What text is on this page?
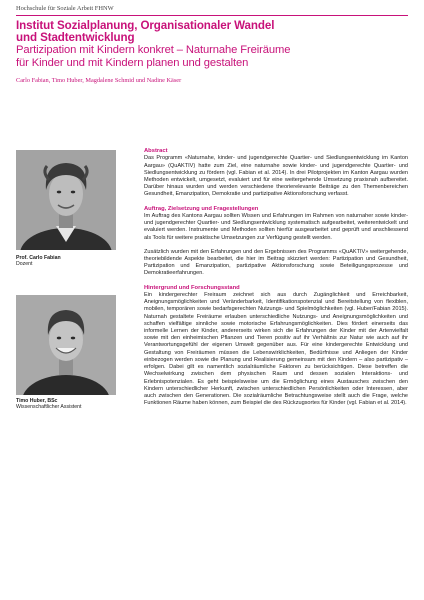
Hochschule für Soziale Arbeit FHNW
Institut Sozialplanung, Organisationaler Wandel
und Stadtentwicklung
Partizipation mit Kindern konkret – Naturnahe Freiräume
für Kinder und mit Kindern planen und gestalten
Carlo Fabian, Timo Huber, Magdalene Schmid und Nadine Käser
Prof. Carlo Fabian
Dozent
Timo Huber, BSc
Wissenschaftlicher Assistent
Abstract

Das Programm «Naturnahe, kinder- und jugendgerechte Quartier- und Siedlungsentwicklung im Kanton Aargau» (QuAKTIV) hatte zum Ziel, eine naturnahe sowie kinder- und jugendgerechte Quartier- und Siedlungsentwicklung zu fördern (vgl. Fabian et al. 2014). In drei Pilotprojekten im Kanton Aargau wurden Methoden entwickelt, umgesetzt, evaluiert und für eine weitergehende Umsetzung praxisnah aufbereitet. Darüber hinaus wurden und werden verschiedene theorierelevante Beiträge zu den Themenbereichen Gesundheit, Emanzipation, Demokratie und partizipative Aktionsforschung verfasst.

Auftrag, Zielsetzung und Fragestellungen

Im Auftrag des Kantons Aargau sollten Wissen und Erfahrungen im Rahmen von naturnaher sowie kinder- und jugendgerechter Quartier- und Siedlungsentwicklung systematisch aufgearbeitet, weiterentwickelt und evaluiert werden. Instrumente und Methoden sollten hierfür ausgearbeitet und geprüft und anschliessend als Tools für weitere praktische Umsetzungen zur Verfügung gestellt werden.

Zusätzlich wurden mit den Erfahrungen und den Ergebnissen des Programms «QuAKTIV» weitergehende, theoriebildende Aspekte bearbeitet, die hier im Beitrag skizziert werden: Partizipation und Gesundheit, Partizipation und Emanzipation, partizipative Aktionsforschung sowie Beteiligungsprozesse und Demokratieerfahrungen.

Hintergrund und Forschungsstand

Ein kindergerechter Freiraum zeichnet sich aus durch Zugänglichkeit und Erreichbarkeit, Aneignungsmöglichkeiten und Veränderbarkeit, Identifikationspotenzial und Bereitstellung von flexiblen, mobilen, temporären sowie bedarfsgerechten Nutzungs- und Spielmöglichkeiten (vgl. Huber/Fabian 2015). Naturnah gestaltete Freiräume erlauben unterschiedliche Nutzungs- und Aneignungsmöglichkeiten und schaffen vielfältige sinnliche sowie motorische Erfahrungsmöglichkeiten. Dies fördert einerseits das informelle Lernen der Kinder, andererseits wirken sich die Erfahrungen der Kinder mit der Artenvielfalt sowie mit den einheimischen Pflanzen und Tieren positiv auf ihr Verhältnis zur Natur wie auch auf ihr Verantwortungsgefühl der eigenen Umwelt gegenüber aus. Für eine kindergerechte Entwicklung und Gestaltung von Freiräumen müssen die Lebenswirklichkeiten, Bedürfnisse und Anliegen der Kinder einbezogen werden sowie die Planung und Realisierung gemeinsam mit den Kindern – also partizipativ – erfolgen. Dabei gilt es namentlich sozialräumliche Faktoren zu berücksichtigen. Diese betreffen die Wechselwirkung zwischen dem physischen Raum und dessen sozialen Interaktions- und Erlebnispotenzialen. Es geht beispielsweise um die Ermöglichung eines Austausches zwischen den Kindern unterschiedlicher Herkunft, zwischen unterschiedlichen Persönlichkeiten oder Interessen, aber auch zwischen den Generationen. Die sozialräumliche Betrachtungsweise stellt auch die Frage, welche Funktionen Räume haben können, zum Beispiel die des Rückzugsortes für Kinder (vgl. Fabian et al. 2014).
